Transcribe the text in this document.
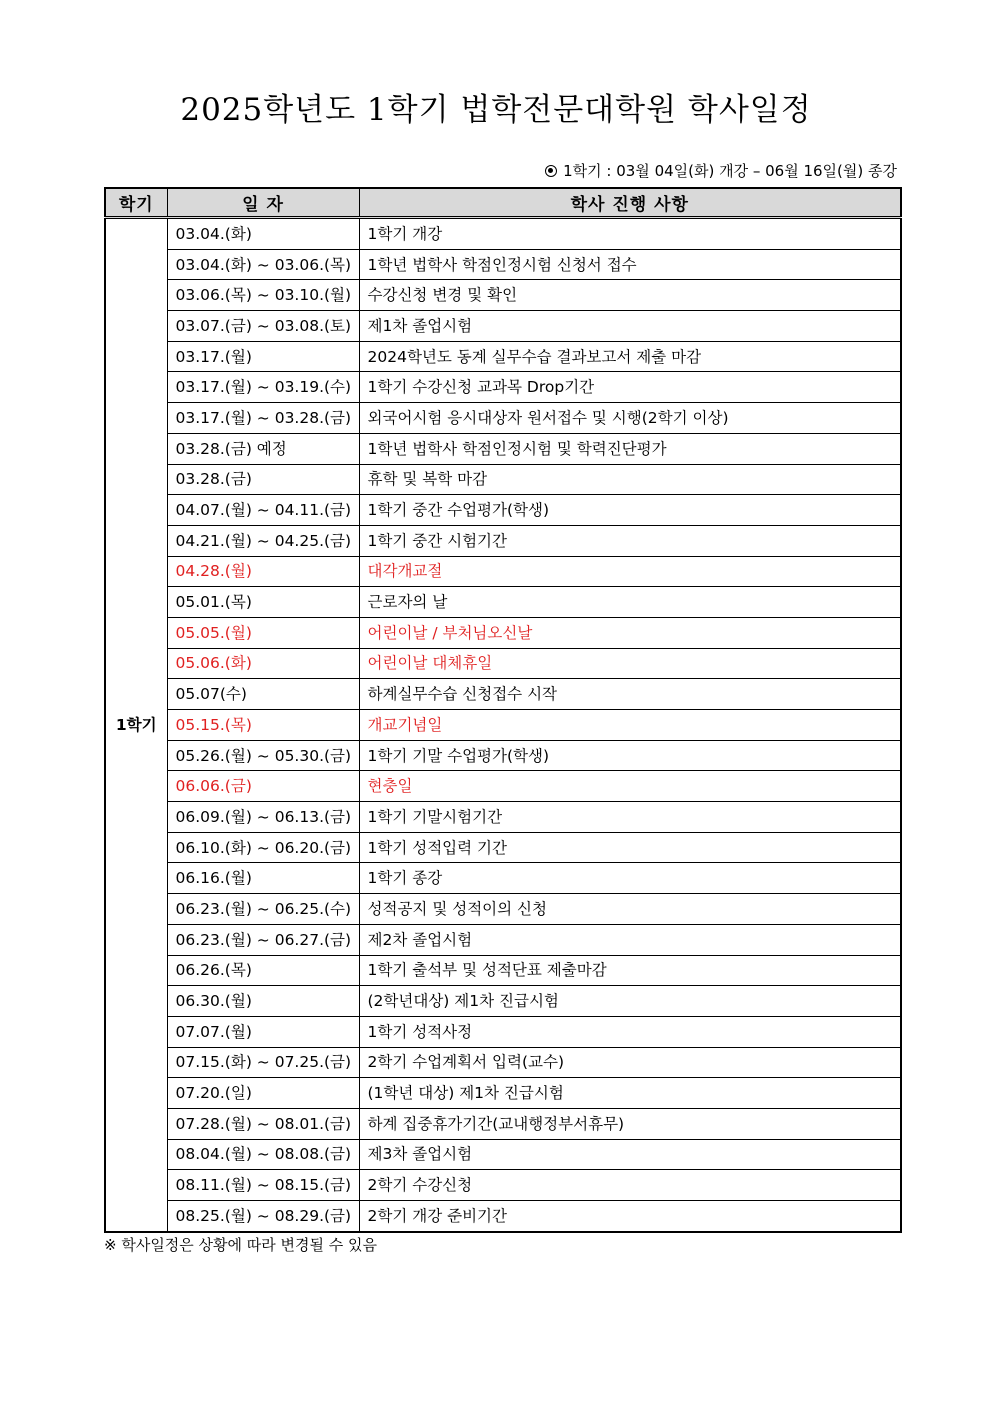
2025학년도 1학기 법학전문대학원 학사일정
1학기 : 03월 04일(화) 개강 – 06월 16일(월) 종강
학기	일 자	학사 진행 사항
1학기	03.04.(화)	1학기 개강
	03.04.(화) ~ 03.06.(목)	1학년 법학사 학점인정시험 신청서 접수
	03.06.(목) ~ 03.10.(월)	수강신청 변경 및 확인
	03.07.(금) ~ 03.08.(토)	제1차 졸업시험
	03.17.(월)	2024학년도 동계 실무수습 결과보고서 제출 마감
	03.17.(월) ~ 03.19.(수)	1학기 수강신청 교과목 Drop기간
	03.17.(월) ~ 03.28.(금)	외국어시험 응시대상자 원서접수 및 시행(2학기 이상)
	03.28.(금) 예정	1학년 법학사 학점인정시험 및 학력진단평가
	03.28.(금)	휴학 및 복학 마감
	04.07.(월) ~ 04.11.(금)	1학기 중간 수업평가(학생)
	04.21.(월) ~ 04.25.(금)	1학기 중간 시험기간
	04.28.(월)	대각개교절
	05.01.(목)	근로자의 날
	05.05.(월)	어린이날 / 부처님오신날
	05.06.(화)	어린이날 대체휴일
	05.07(수)	하계실무수습 신청접수 시작
	05.15.(목)	개교기념일
	05.26.(월) ~ 05.30.(금)	1학기 기말 수업평가(학생)
	06.06.(금)	현충일
	06.09.(월) ~ 06.13.(금)	1학기 기말시험기간
	06.10.(화) ~ 06.20.(금)	1학기 성적입력 기간
	06.16.(월)	1학기 종강
	06.23.(월) ~ 06.25.(수)	성적공지 및 성적이의 신청
	06.23.(월) ~ 06.27.(금)	제2차 졸업시험
	06.26.(목)	1학기 출석부 및 성적단표 제출마감
	06.30.(월)	(2학년대상) 제1차 진급시험
	07.07.(월)	1학기 성적사정
	07.15.(화) ~ 07.25.(금)	2학기 수업계획서 입력(교수)
	07.20.(일)	(1학년 대상) 제1차 진급시험
	07.28.(월) ~ 08.01.(금)	하계 집중휴가기간(교내행정부서휴무)
	08.04.(월) ~ 08.08.(금)	제3차 졸업시험
	08.11.(월) ~ 08.15.(금)	2학기 수강신청
	08.25.(월) ~ 08.29.(금)	2학기 개강 준비기간
※ 학사일정은 상황에 따라 변경될 수 있음
